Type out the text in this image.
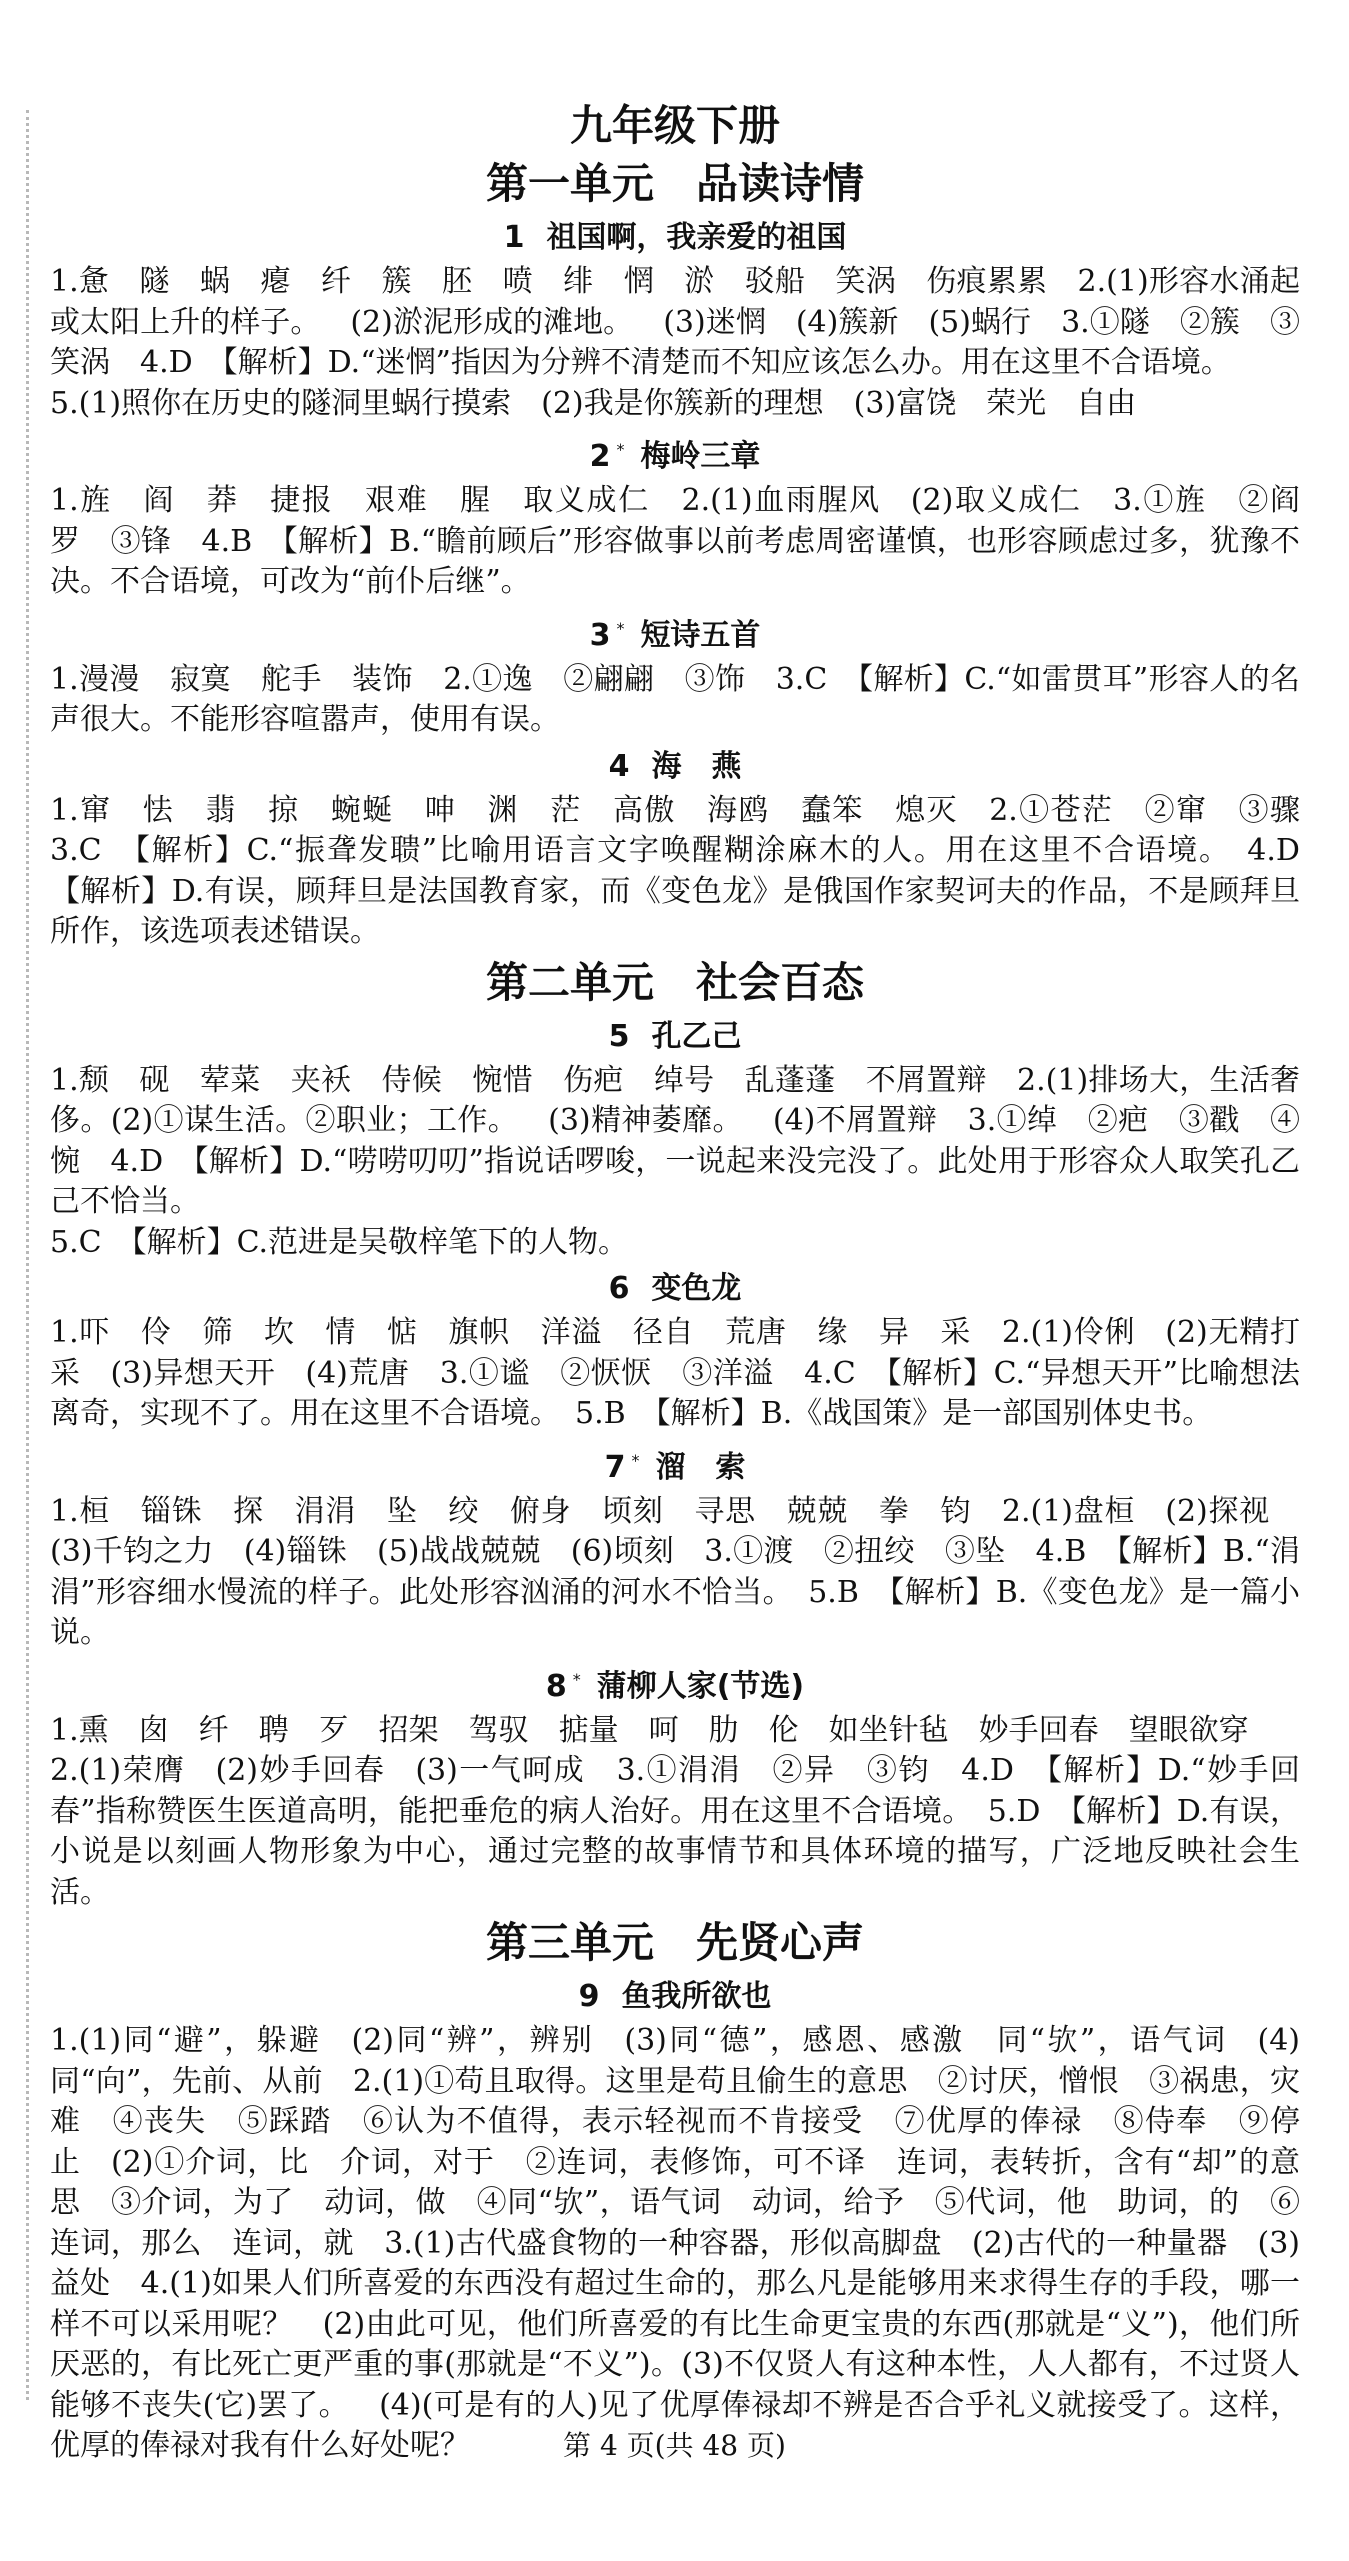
九年级下册
第一单元　品读诗情
1 祖国啊，我亲爱的祖国

1.惫　隧　蜗　瘪　纤　簇　胚　喷　绯　惘　淤　驳船　笑涡　伤痕累累　2.(1)形容水涌起或太阳上升的样子。 (2)淤泥形成的滩地。 (3)迷惘 (4)簇新 (5)蜗行　3.①隧 ②簇 ③笑涡　4.D　【解析】D.“迷惘”指因为分辨不清楚而不知应该怎么办。用在这里不合语境。

5.(1)照你在历史的隧洞里蜗行摸索 (2)我是你簇新的理想 (3)富饶　荣光　自由

2 * 梅岭三章

1.旌　阎　莽　捷报　艰难　腥　取义成仁　2.(1)血雨腥风 (2)取义成仁　3.①旌 ②阎罗 ③锋　4.B　【解析】B.“瞻前顾后”形容做事以前考虑周密谨慎，也形容顾虑过多，犹豫不决。不合语境，可改为“前仆后继”。

3 * 短诗五首

1.漫漫　寂寞　舵手　装饰　2.①逸 ②翩翩 ③饰　3.C　【解析】C.“如雷贯耳”形容人的名声很大。不能形容喧嚣声，使用有误。

4 海　燕

1.窜　怯　翡　掠　蜿蜒　呻　渊　茫　高傲　海鸥　蠢笨　熄灭　2.①苍茫 ②窜 ③骤　3.C　【解析】C.“振聋发聩”比喻用语言文字唤醒糊涂麻木的人。用在这里不合语境。　4.D　【解析】D.有误，顾拜旦是法国教育家，而《变色龙》是俄国作家契诃夫的作品，不是顾拜旦所作，该选项表述错误。

第二单元　社会百态
5 孔乙己

1.颓　砚　荤菜　夹袄　侍候　惋惜　伤疤　绰号　乱蓬蓬　不屑置辩　2.(1)排场大，生活奢侈。(2)①谋生活。②职业；工作。 (3)精神萎靡。 (4)不屑置辩　3.①绰 ②疤 ③戳 ④惋　4.D　【解析】D.“唠唠叨叨”指说话啰唆，一说起来没完没了。此处用于形容众人取笑孔乙己不恰当。

5.C　【解析】C.范进是吴敬梓笔下的人物。

6 变色龙

1.吓　伶　筛　坎　情　惦　旗帜　洋溢　径自　荒唐　缘　异　采　2.(1)伶俐 (2)无精打采 (3)异想天开 (4)荒唐　3.①谧 ②恹恹 ③洋溢　4.C　【解析】C.“异想天开”比喻想法离奇，实现不了。用在这里不合语境。　5.B　【解析】B.《战国策》是一部国别体史书。

7 * 溜　索

1.桓　锱铢　探　涓涓　坠　绞　俯身　顷刻　寻思　兢兢　拳　钧　2.(1)盘桓 (2)探视 (3)千钧之力 (4)锱铢 (5)战战兢兢 (6)顷刻　3.①渡 ②扭绞 ③坠　4.B　【解析】B.“涓涓”形容细水慢流的样子。此处形容汹涌的河水不恰当。　5.B　【解析】B.《变色龙》是一篇小说。

8 * 蒲柳人家(节选)

1.熏　囱　纤　聘　歹　招架　驾驭　掂量　呵　肋　伦　如坐针毡　妙手回春　望眼欲穿

2.(1)荣膺 (2)妙手回春 (3)一气呵成　3.①涓涓 ②异 ③钧　4.D　【解析】D.“妙手回春”指称赞医生医道高明，能把垂危的病人治好。用在这里不合语境。　5.D　【解析】D.有误，小说是以刻画人物形象为中心，通过完整的故事情节和具体环境的描写，广泛地反映社会生活。

第三单元　先贤心声
9 鱼我所欲也

1.(1)同“避”，躲避 (2)同“辨”，辨别 (3)同“德”，感恩、感激　同“欤”，语气词 (4)同“向”，先前、从前　2.(1)①苟且取得。这里是苟且偷生的意思 ②讨厌，憎恨 ③祸患，灾难 ④丧失 ⑤踩踏 ⑥认为不值得，表示轻视而不肯接受 ⑦优厚的俸禄 ⑧侍奉 ⑨停止 (2)①介词，比　介词，对于 ②连词，表修饰，可不译　连词，表转折，含有“却”的意思 ③介词，为了　动词，做 ④同“欤”，语气词　动词，给予 ⑤代词，他　助词，的 ⑥连词，那么　连词，就　3.(1)古代盛食物的一种容器，形似高脚盘 (2)古代的一种量器 (3)益处　4.(1)如果人们所喜爱的东西没有超过生命的，那么凡是能够用来求得生存的手段，哪一样不可以采用呢？ (2)由此可见，他们所喜爱的有比生命更宝贵的东西(那就是“义”)，他们所厌恶的，有比死亡更严重的事(那就是“不义”)。(3)不仅贤人有这种本性，人人都有，不过贤人能够不丧失(它)罢了。 (4)(可是有的人)见了优厚俸禄却不辨是否合乎礼义就接受了。这样，优厚的俸禄对我有什么好处呢？	第 4 页(共 48 页)
